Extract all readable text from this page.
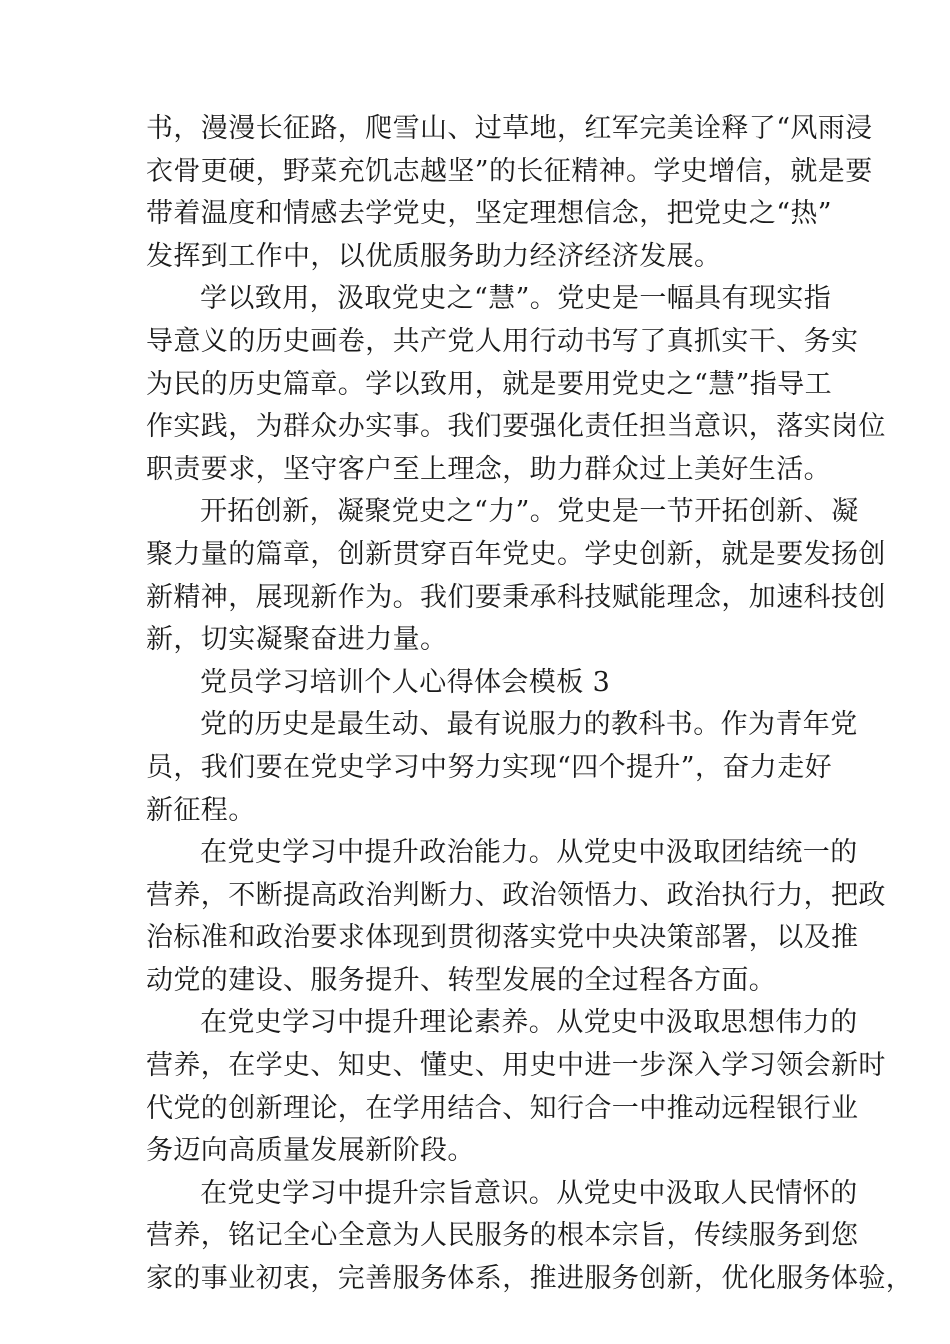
书，漫漫长征路，爬雪山、过草地，红军完美诠释了“风雨浸
衣骨更硬，野菜充饥志越坚”的长征精神。学史增信，就是要
带着温度和情感去学党史，坚定理想信念，把党史之“热”
发挥到工作中，以优质服务助力经济经济发展。
学以致用，汲取党史之“慧”。党史是一幅具有现实指
导意义的历史画卷，共产党人用行动书写了真抓实干、务实
为民的历史篇章。学以致用，就是要用党史之“慧”指导工
作实践，为群众办实事。我们要强化责任担当意识，落实岗位
职责要求，坚守客户至上理念，助力群众过上美好生活。
开拓创新，凝聚党史之“力”。党史是一节开拓创新、凝
聚力量的篇章，创新贯穿百年党史。学史创新，就是要发扬创
新精神，展现新作为。我们要秉承科技赋能理念，加速科技创
新，切实凝聚奋进力量。
党员学习培训个人心得体会模板 3
党的历史是最生动、最有说服力的教科书。作为青年党
员，我们要在党史学习中努力实现“四个提升”，奋力走好
新征程。
在党史学习中提升政治能力。从党史中汲取团结统一的
营养，不断提高政治判断力、政治领悟力、政治执行力，把政
治标准和政治要求体现到贯彻落实党中央决策部署，以及推
动党的建设、服务提升、转型发展的全过程各方面。
在党史学习中提升理论素养。从党史中汲取思想伟力的
营养，在学史、知史、懂史、用史中进一步深入学习领会新时
代党的创新理论，在学用结合、知行合一中推动远程银行业
务迈向高质量发展新阶段。
在党史学习中提升宗旨意识。从党史中汲取人民情怀的
营养，铭记全心全意为人民服务的根本宗旨，传续服务到您
家的事业初衷，完善服务体系，推进服务创新，优化服务体验，
